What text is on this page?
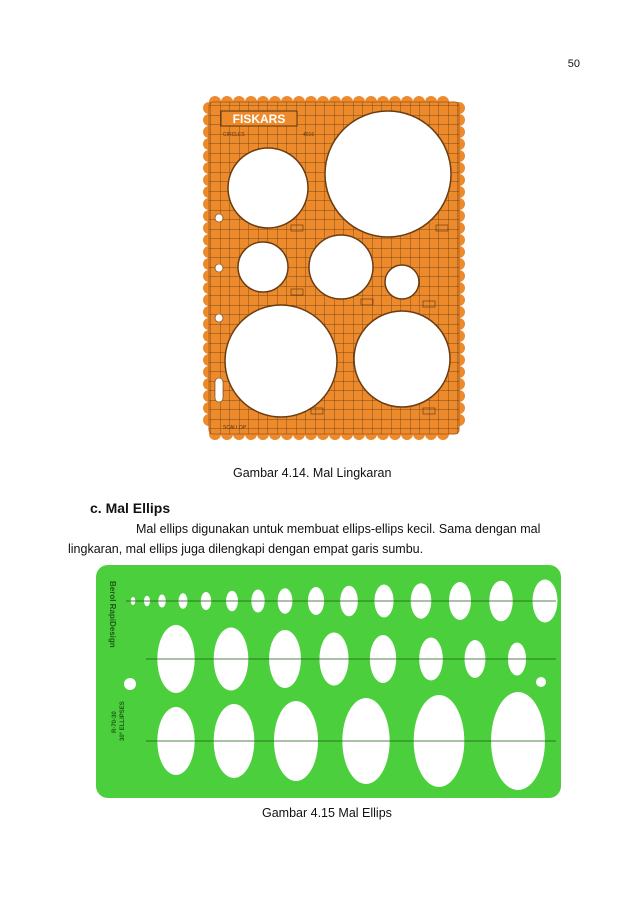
50
FISKARS
CIRCLES	4016
SCALLOP
Gambar 4.14. Mal Lingkaran
c. Mal Ellips
Mal ellips digunakan untuk membuat ellips-ellips kecil. Sama dengan mal lingkaran, mal ellips juga dilengkapi dengan empat garis sumbu.
Berol RapiDesign
R-70-30 30° ELLIPSES
Gambar 4.15 Mal Ellips
